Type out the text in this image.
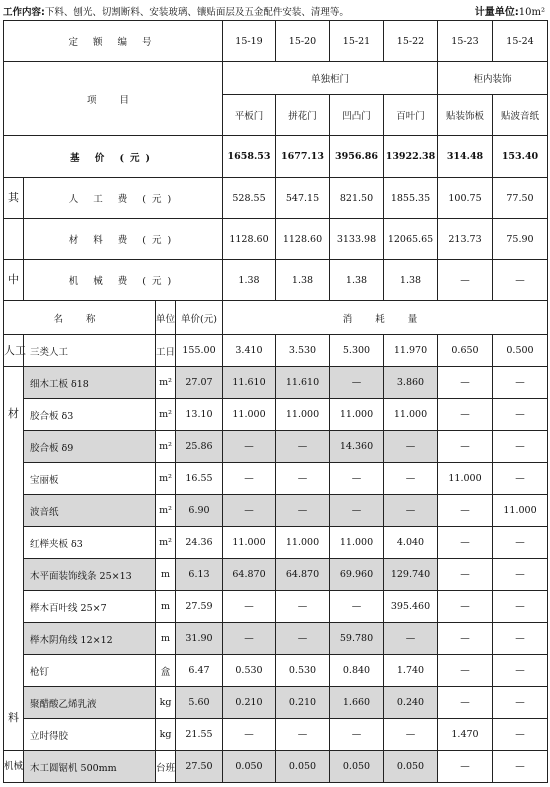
工作内容:下料、刨光、切割断料、安装玻璃、镶贴面层及五金配件安装、清理等。	计量单位:10m²
定 额 编 号				15-19	15-20	15-21	15-22	15-23	15-24
项 目				单独柜门				柜内装饰	
				平板门	拼花门	凹凸门	百叶门	贴装饰板	贴波音纸
基 价 (元)				1658.53	1677.13	3956.86	13922.38	314.48	153.40
其	人 工 费 (元)			528.55	547.15	821.50	1855.35	100.75	77.50
	材 料 费 (元)			1128.60	1128.60	3133.98	12065.65	213.73	75.90
中	机 械 费 (元)			1.38	1.38	1.38	1.38	—	—
名 称		单位	单价(元)	消 耗 量					
人工	三类人工	工日	155.00	3.410	3.530	5.300	11.970	0.650	0.500

材
料	细木工板 δ18	m²	27.07	11.610	11.610	—	3.860	—	—
	胶合板 δ3	m²	13.10	11.000	11.000	11.000	11.000	—	—
	胶合板 δ9	m²	25.86	—	—	14.360	—	—	—
	宝丽板	m²	16.55	—	—	—	—	11.000	—
	波音纸	m²	6.90	—	—	—	—	—	11.000
	红榉夹板 δ3	m²	24.36	11.000	11.000	11.000	4.040	—	—
	木平面装饰线条 25×13	m	6.13	64.870	64.870	69.960	129.740	—	—
	榉木百叶线 25×7	m	27.59	—	—	—	395.460	—	—
	榉木阴角线 12×12	m	31.90	—	—	59.780	—	—	—
	枪钉	盒	6.47	0.530	0.530	0.840	1.740	—	—
	聚醋酸乙烯乳液	kg	5.60	0.210	0.210	1.660	0.240	—	—
	立时得胶	kg	21.55	—	—	—	—	1.470	—
机械	木工圆锯机 500mm	台班	27.50	0.050	0.050	0.050	0.050	—	—
